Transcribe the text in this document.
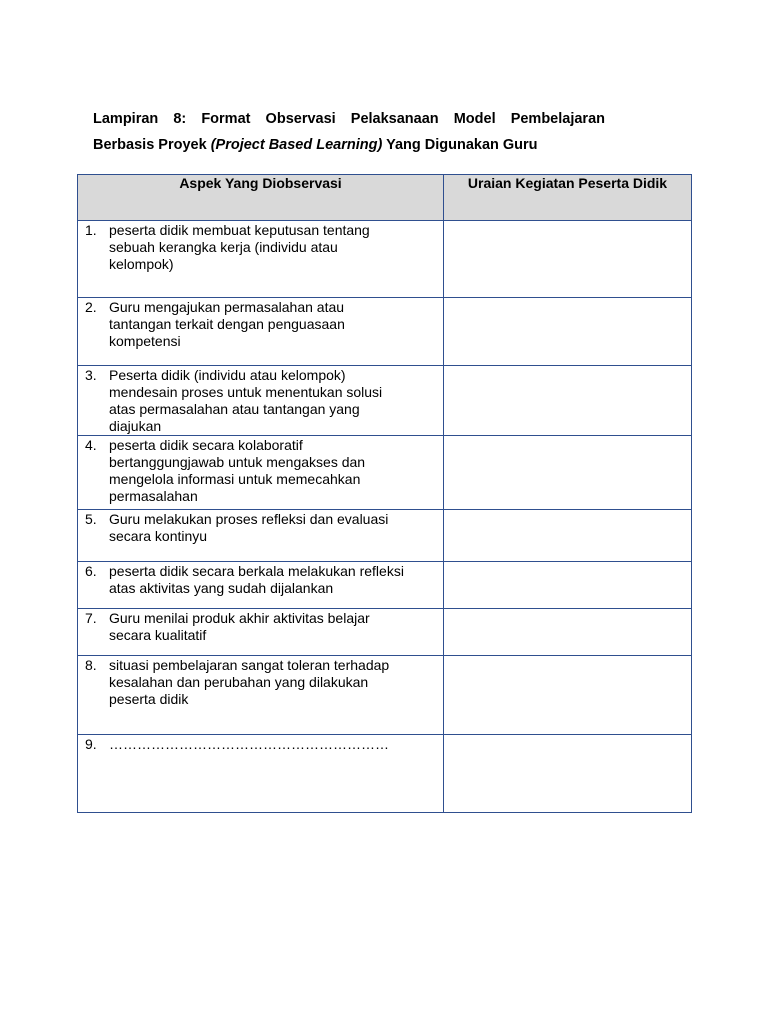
Lampiran 8: Format Observasi Pelaksanaan Model Pembelajaran
Berbasis Proyek (Project Based Learning) Yang Digunakan Guru
Aspek Yang Diobservasi	Uraian Kegiatan Peserta Didik

1. peserta didik membuat keputusan tentang
sebuah kerangka kerja (individu atau
kelompok)	

2. Guru mengajukan permasalahan atau
tantangan terkait dengan penguasaan
kompetensi	

3. Peserta didik (individu atau kelompok)
mendesain proses untuk menentukan solusi
atas permasalahan atau tantangan yang
diajukan	

4. peserta didik secara kolaboratif
bertanggungjawab untuk mengakses dan
mengelola informasi untuk memecahkan
permasalahan	

5. Guru melakukan proses refleksi dan evaluasi
secara kontinyu	

6. peserta didik secara berkala melakukan refleksi
atas aktivitas yang sudah dijalankan	

7. Guru menilai produk akhir aktivitas belajar
secara kualitatif	

8. situasi pembelajaran sangat toleran terhadap
kesalahan dan perubahan yang dilakukan
peserta didik	

9. ……………………………………………………	
